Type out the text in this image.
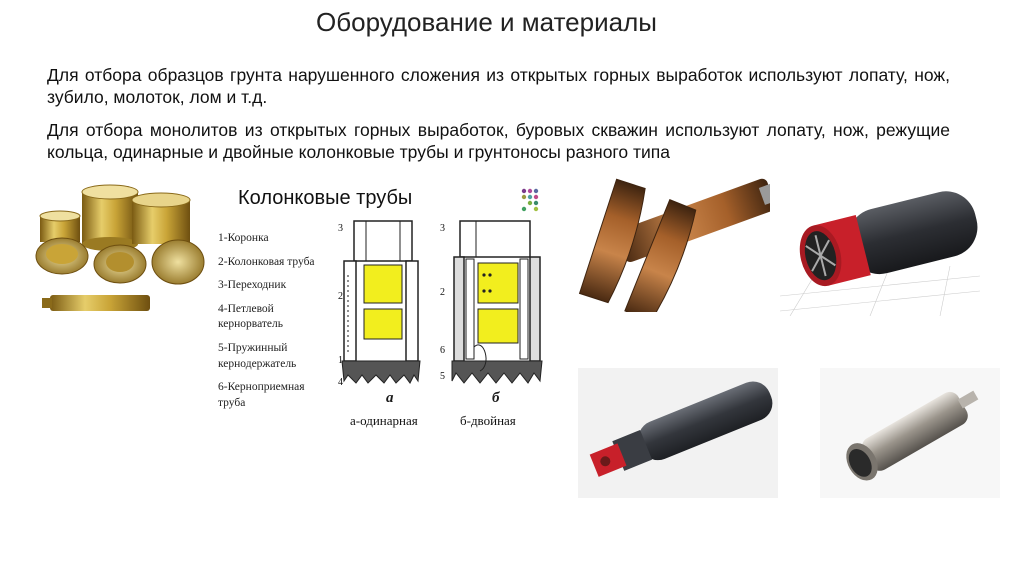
Оборудование и материалы
Для отбора образцов грунта нарушенного сложения из открытых горных выработок используют лопату, нож, зубило, молоток, лом и т.д.
Для отбора монолитов из открытых горных выработок, буровых скважин используют лопату, нож, режущие кольца, одинарные и двойные колонковые трубы и грунтоносы разного типа
Колонковые трубы
1-Коронка
2-Колонковая труба
3-Переходник
4-Петлевой
кернорватель
5-Пружинный
кернодержатель
6-Керноприемная
труба
3
2
1
4
3
2
6
5
а	б
а-одинарная	б-двойная
